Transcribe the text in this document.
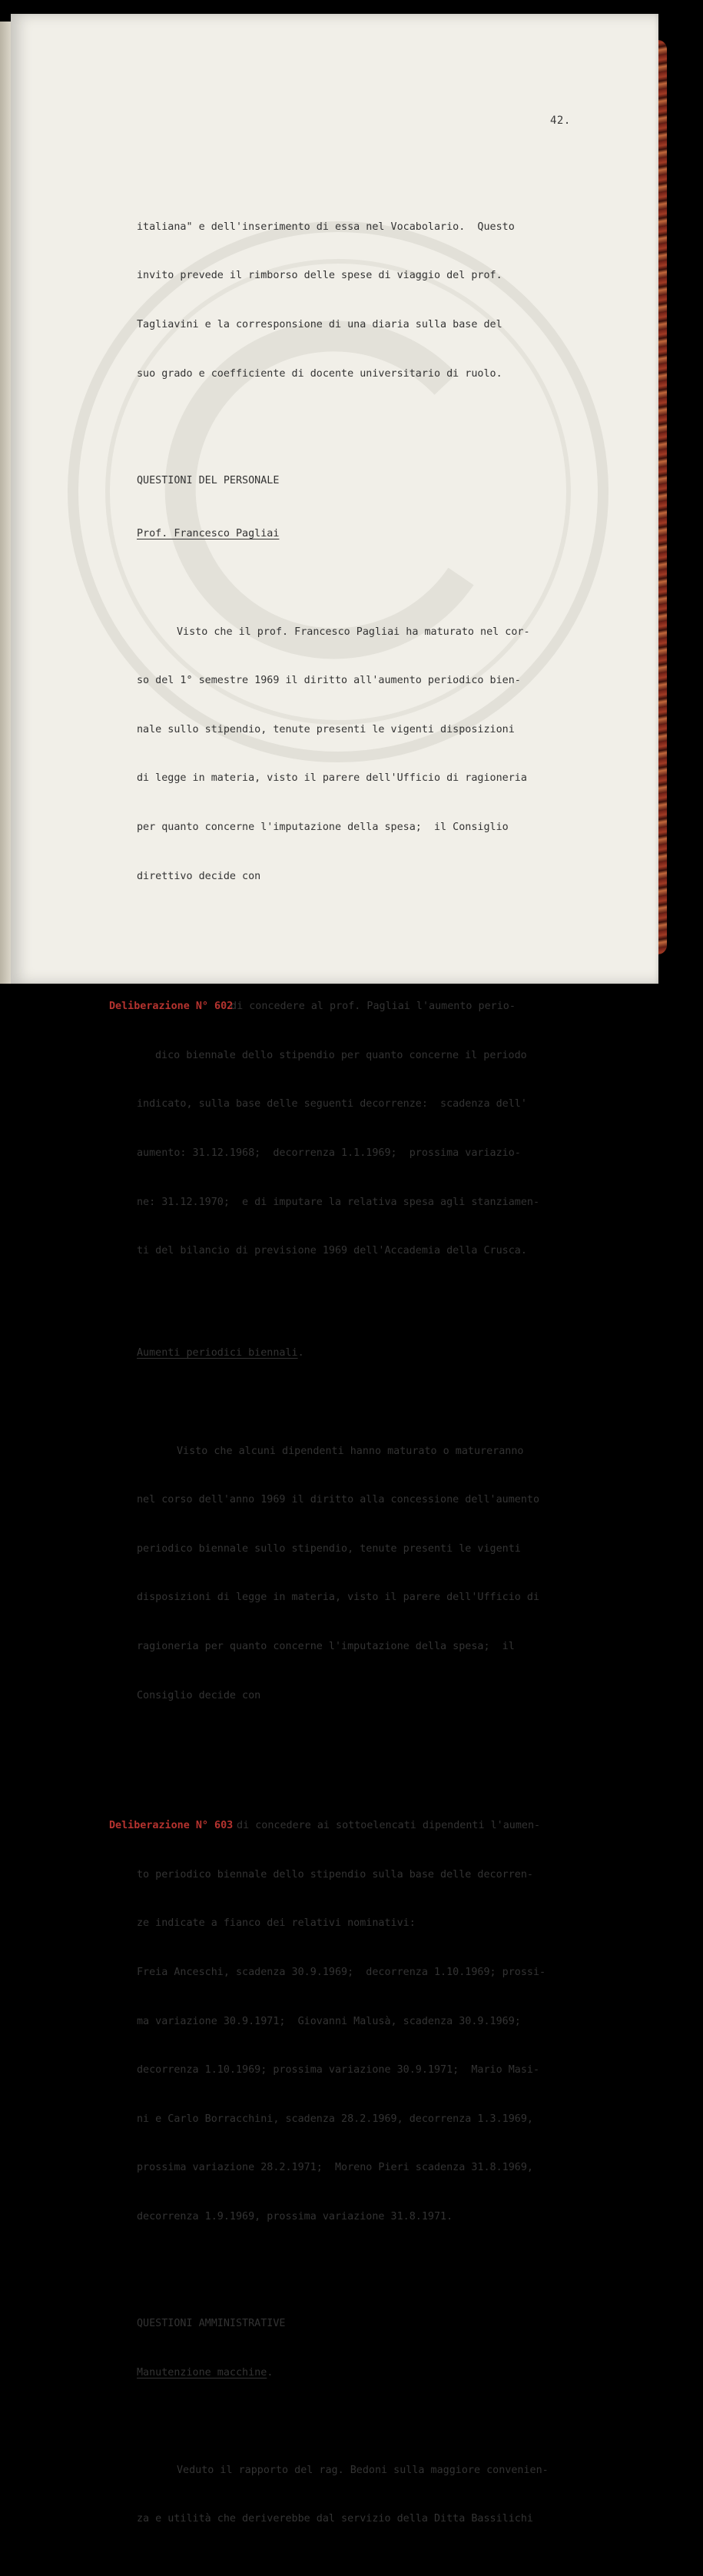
42.

italiana" e dell'inserimento di essa nel Vocabolario.  Questo

invito prevede il rimborso delle spese di viaggio del prof.

Tagliavini e la corresponsione di una diaria sulla base del

suo grado e coefficiente di docente universitario di ruolo.

QUESTIONI DEL PERSONALE

Prof. Francesco Pagliai

Visto che il prof. Francesco Pagliai ha maturato nel cor-

so del 1° semestre 1969 il diritto all'aumento periodico bien-

nale sullo stipendio, tenute presenti le vigenti disposizioni

di legge in materia, visto il parere dell'Ufficio di ragioneria

per quanto concerne l'imputazione della spesa;  il Consiglio

direttivo decide con

Deliberazione N° 602
di concedere al prof. Pagliai l'aumento perio-

dico biennale dello stipendio per quanto concerne il periodo

indicato, sulla base delle seguenti decorrenze:  scadenza dell'

aumento: 31.12.1968;  decorrenza 1.1.1969;  prossima variazio-

ne: 31.12.1970;  e di imputare la relativa spesa agli stanziamen-

ti del bilancio di previsione 1969 dell'Accademia della Crusca.

Aumenti periodici biennali.

Visto che alcuni dipendenti hanno maturato o matureranno

nel corso dell'anno 1969 il diritto alla concessione dell'aumento

periodico biennale sullo stipendio, tenute presenti le vigenti

disposizioni di legge in materia, visto il parere dell'Ufficio di

ragioneria per quanto concerne l'imputazione della spesa;  il

Consiglio decide con

Deliberazione N° 603
di concedere ai sottoelencati dipendenti l'aumen-

to periodico biennale dello stipendio sulla base delle decorren-

ze indicate a fianco dei relativi nominativi:

Freia Anceschi, scadenza 30.9.1969;  decorrenza 1.10.1969; prossi-

ma variazione 30.9.1971;  Giovanni Malusà, scadenza 30.9.1969;

decorrenza 1.10.1969; prossima variazione 30.9.1971;  Mario Masi-

ni e Carlo Borracchini, scadenza 28.2.1969, decorrenza 1.3.1969,

prossima variazione 28.2.1971;  Moreno Pieri scadenza 31.8.1969,

decorrenza 1.9.1969, prossima variazione 31.8.1971.

QUESTIONI AMMINISTRATIVE

Manutenzione macchine.

Veduto il rapporto del rag. Bedoni sulla maggiore convenien-

za e utilità che deriverebbe dal servizio della Ditta Bassilichi
